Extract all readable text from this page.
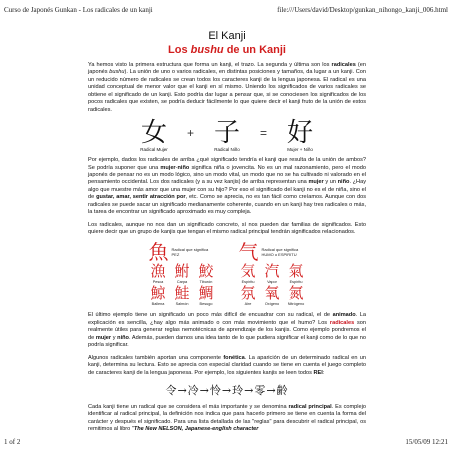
Curso de Japonés Gunkan - Los radicales de un kanji	file:///Users/david/Desktop/gunkan_nihongo_kanji_006.html
El Kanji
Los bushu de un Kanji

Ya hemos visto la primera estructura que forma un kanji, el trazo. La segunda y última son los radicales (en japonés bushu). La unión de uno o varios radicales, en distintas posiciones y tamaños, da lugar a un kanji. Con un reducido número de radicales se crean todos los caracteres kanji de la lengua japonesa. El radical es una unidad conceptual de menor valor que el kanji en sí mismo. Uniendo los significados de varios radicales se obtiene el significado de un kanji. Esto podría dar lugar a pensar que, si se conociesen los significados de los pocos radicales que existen, se podría deducir fácilmente lo que quiere decir el kanji fruto de la unión de estos radicales.

女
Radical Mujer
+ 子
Radical Niño
= 好
Mujer + Niño

Por ejemplo, dados los radicales de arriba ¿qué significado tendría el kanji que resulta de la unión de ambos? Se podría suponer que una mujer-niño significa niña o jovencita. No es un mal razonamiento, pero el modo japonés de pensar no es un modo lógico, sino un modo vital, un modo que no se ha cultivado ni valorado en el pensamiento occidental. Los dos radicales (y a su vez kanjis) de arriba representan una mujer y un niño. ¿Hay algo que muestre más amor que una mujer con su hijo? Por eso el significado del kanji no es el de niña, sino el de gustar, amar, sentir atracción por, etc. Como se aprecia, no es tan fácil como creíamos. Aunque con dos radicales se puede sacar un significado medianamente coherente, cuando en un kanji hay tres radicales o más, la tarea de encontrar un significado aproximado es muy compleja.

Los radicales, aunque no nos dan un significado concreto, sí nos pueden dar familias de significados. Esto quiere decir que un grupo de kanjis que tengan el mismo radical principal tendrán significados relacionados.

魚 Radical que significa PEZ
漁
Pesca
鮒
Carpa
鮫
Tiburón
鯨
Ballena
鮭
Salmón
鯛
Besugo
气 Radical que significa HUMO o ESPIRITU
気
Espíritu
汽
Vapor
氣
Espíritu
氛
Aire
氧
Oxígeno
氮
Nitrógeno

El último ejemplo tiene un significado un poco más difícil de encuadrar con su radical, el de animado. La explicación es sencilla, ¿hay algo más animado o con más movimiento que el humo? Los radicales son realmente útiles para generar reglas nemotécnicas de aprendizaje de los kanjis. Como ejemplo pondremos el de mujer y niño. Además, pueden darnos una idea tanto de lo que pudiera significar el kanji como de lo que no podría significar.

Algunos radicales también aportan una componente fonética. La aparición de un determinado radical en un kanji, determina su lectura. Esto se aprecia con especial claridad cuando se tiene en cuenta el juego completo de caracteres kanji de la lengua japonesa. Por ejemplo, los siguientes kanjis se leen todos REI:

令→冷→怜→玲→零→齢

Cada kanji tiene un radical que se considera el más importante y se denomina radical principal. Es complejo identificar al radical principal, la definición nos indica que para hacerlo primero se tiene en cuenta la forma del carácter y después el significado. Para una lista detallada de las "reglas" para descubrir el radical principal, os remitimos al libro "The New NELSON, Japanese-english character

1 of 2	15/05/09 12:21
